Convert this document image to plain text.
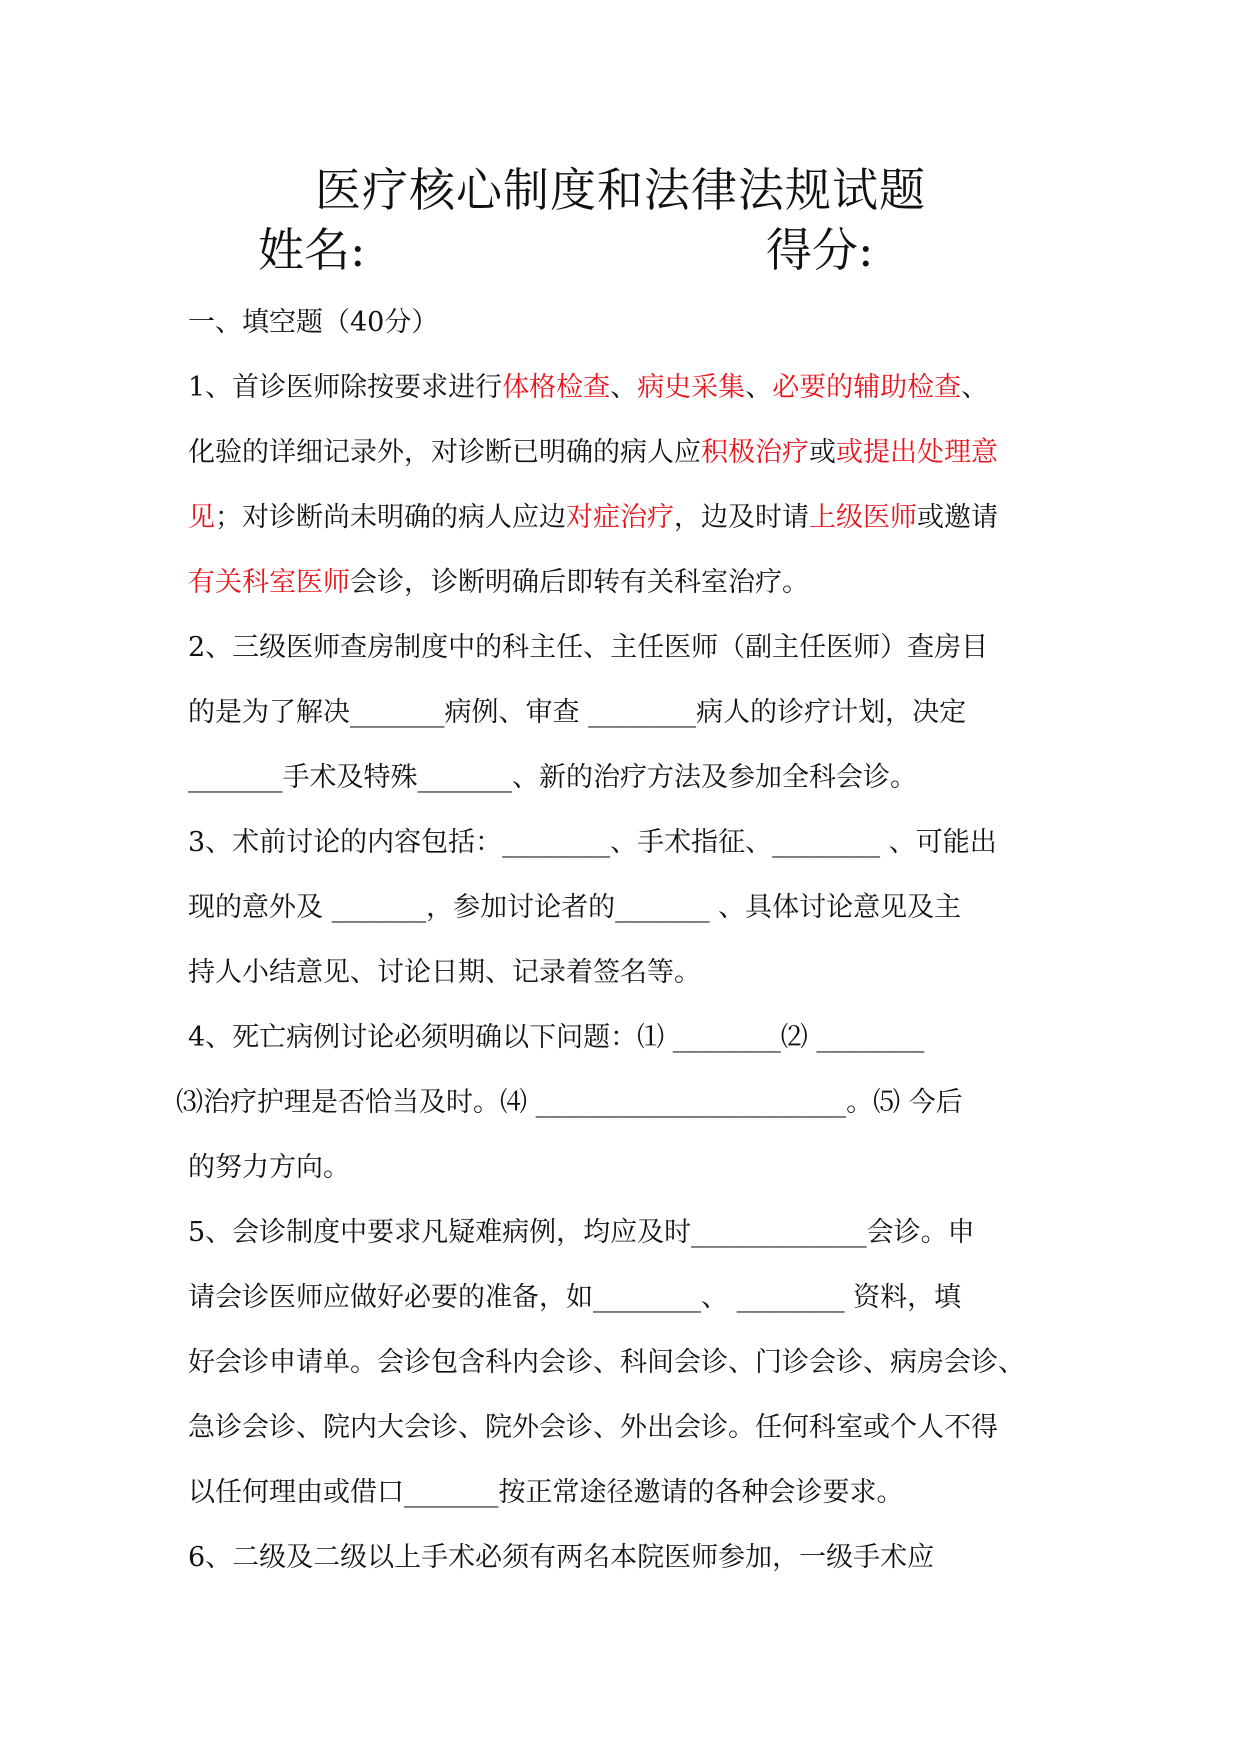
医疗核心制度和法律法规试题
姓名:	得分:
一、填空题（40分）
1、首诊医师除按要求进行体格检查、病史采集、必要的辅助检查、
化验的详细记录外，对诊断已明确的病人应积极治疗或或提出处理意
见；对诊断尚未明确的病人应边对症治疗，边及时请上级医师或邀请
有关科室医师会诊，诊断明确后即转有关科室治疗。
2、三级医师查房制度中的科主任、主任医师（副主任医师）查房目
的是为了解决_______病例、审查 ________病人的诊疗计划，决定
_______手术及特殊_______、新的治疗方法及参加全科会诊。
3、术前讨论的内容包括：________、手术指征、________ 、可能出
现的意外及 _______，参加讨论者的_______ 、具体讨论意见及主
持人小结意见、讨论日期、记录着签名等。
4、死亡病例讨论必须明确以下问题：⑴ ________⑵ ________
⑶治疗护理是否恰当及时。⑷ _______________________。⑸ 今后
的努力方向。
5、会诊制度中要求凡疑难病例，均应及时_____________会诊。申
请会诊医师应做好必要的准备，如________、 ________ 资料，填
好会诊申请单。会诊包含科内会诊、科间会诊、门诊会诊、病房会诊、
急诊会诊、院内大会诊、院外会诊、外出会诊。任何科室或个人不得
以任何理由或借口_______按正常途径邀请的各种会诊要求。
6、二级及二级以上手术必须有两名本院医师参加，一级手术应
